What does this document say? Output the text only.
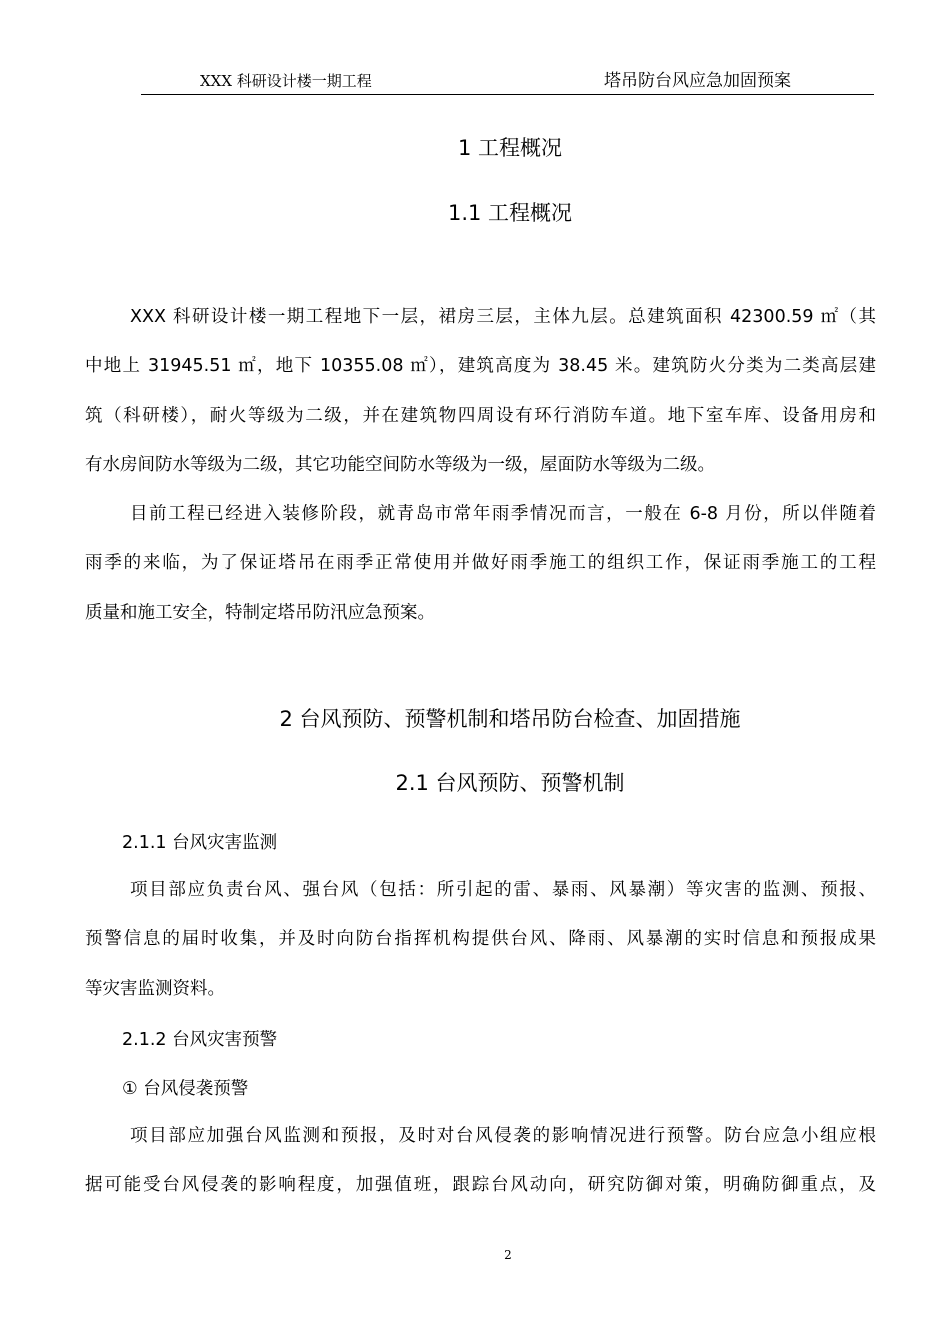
XXX 科研设计楼一期工程	塔吊防台风应急加固预案
1 工程概况
1.1 工程概况
XXX 科研设计楼一期工程地下一层，裙房三层，主体九层。总建筑面积 42300.59 ㎡（其
中地上 31945.51 ㎡，地下 10355.08 ㎡），建筑高度为 38.45 米。建筑防火分类为二类高层建
筑（科研楼），耐火等级为二级，并在建筑物四周设有环行消防车道。地下室车库、设备用房和
有水房间防水等级为二级，其它功能空间防水等级为一级，屋面防水等级为二级。
目前工程已经进入装修阶段，就青岛市常年雨季情况而言，一般在 6-8 月份，所以伴随着
雨季的来临，为了保证塔吊在雨季正常使用并做好雨季施工的组织工作，保证雨季施工的工程
质量和施工安全，特制定塔吊防汛应急预案。
2 台风预防、预警机制和塔吊防台检查、加固措施
2.1 台风预防、预警机制
2.1.1 台风灾害监测
项目部应负责台风、强台风（包括：所引起的雷、暴雨、风暴潮）等灾害的监测、预报、
预警信息的届时收集，并及时向防台指挥机构提供台风、降雨、风暴潮的实时信息和预报成果
等灾害监测资料。
2.1.2 台风灾害预警
① 台风侵袭预警
项目部应加强台风监测和预报，及时对台风侵袭的影响情况进行预警。防台应急小组应根
据可能受台风侵袭的影响程度，加强值班，跟踪台风动向，研究防御对策，明确防御重点，及
2
